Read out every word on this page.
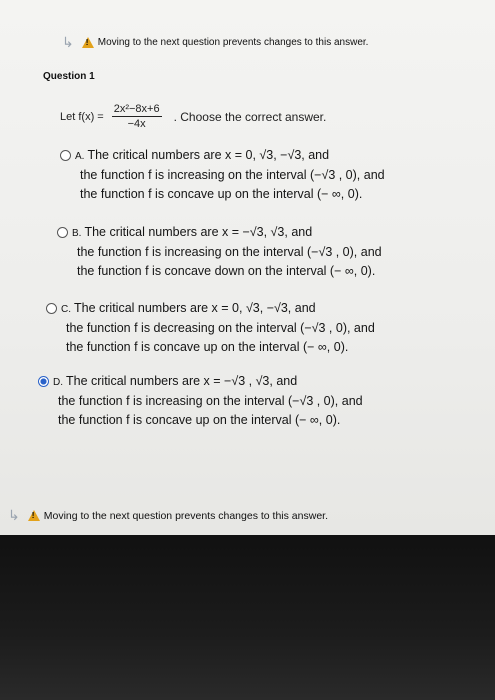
↳ ! Moving to the next question prevents changes to this answer.
Question 1
Let $f(x) = \frac{\text{2x²−8x+6}}{-4x}$ . Choose the correct answer.
A. The critical numbers are x = 0, √3, −√3, and
the function f is increasing on the interval (−√3 , 0), and
the function f is concave up on the interval (− ∞, 0).
B. The critical numbers are x = −√3, √3, and
the function f is increasing on the interval (−√3 , 0), and
the function f is concave down on the interval (− ∞, 0).
C. The critical numbers are x = 0, √3, −√3, and
the function f is decreasing on the interval (−√3 , 0), and
the function f is concave up on the interval (− ∞, 0).
D. The critical numbers are x = −√3 , √3, and
the function f is increasing on the interval (−√3 , 0), and
the function f is concave up on the interval (− ∞, 0).
↳ ! Moving to the next question prevents changes to this answer.
